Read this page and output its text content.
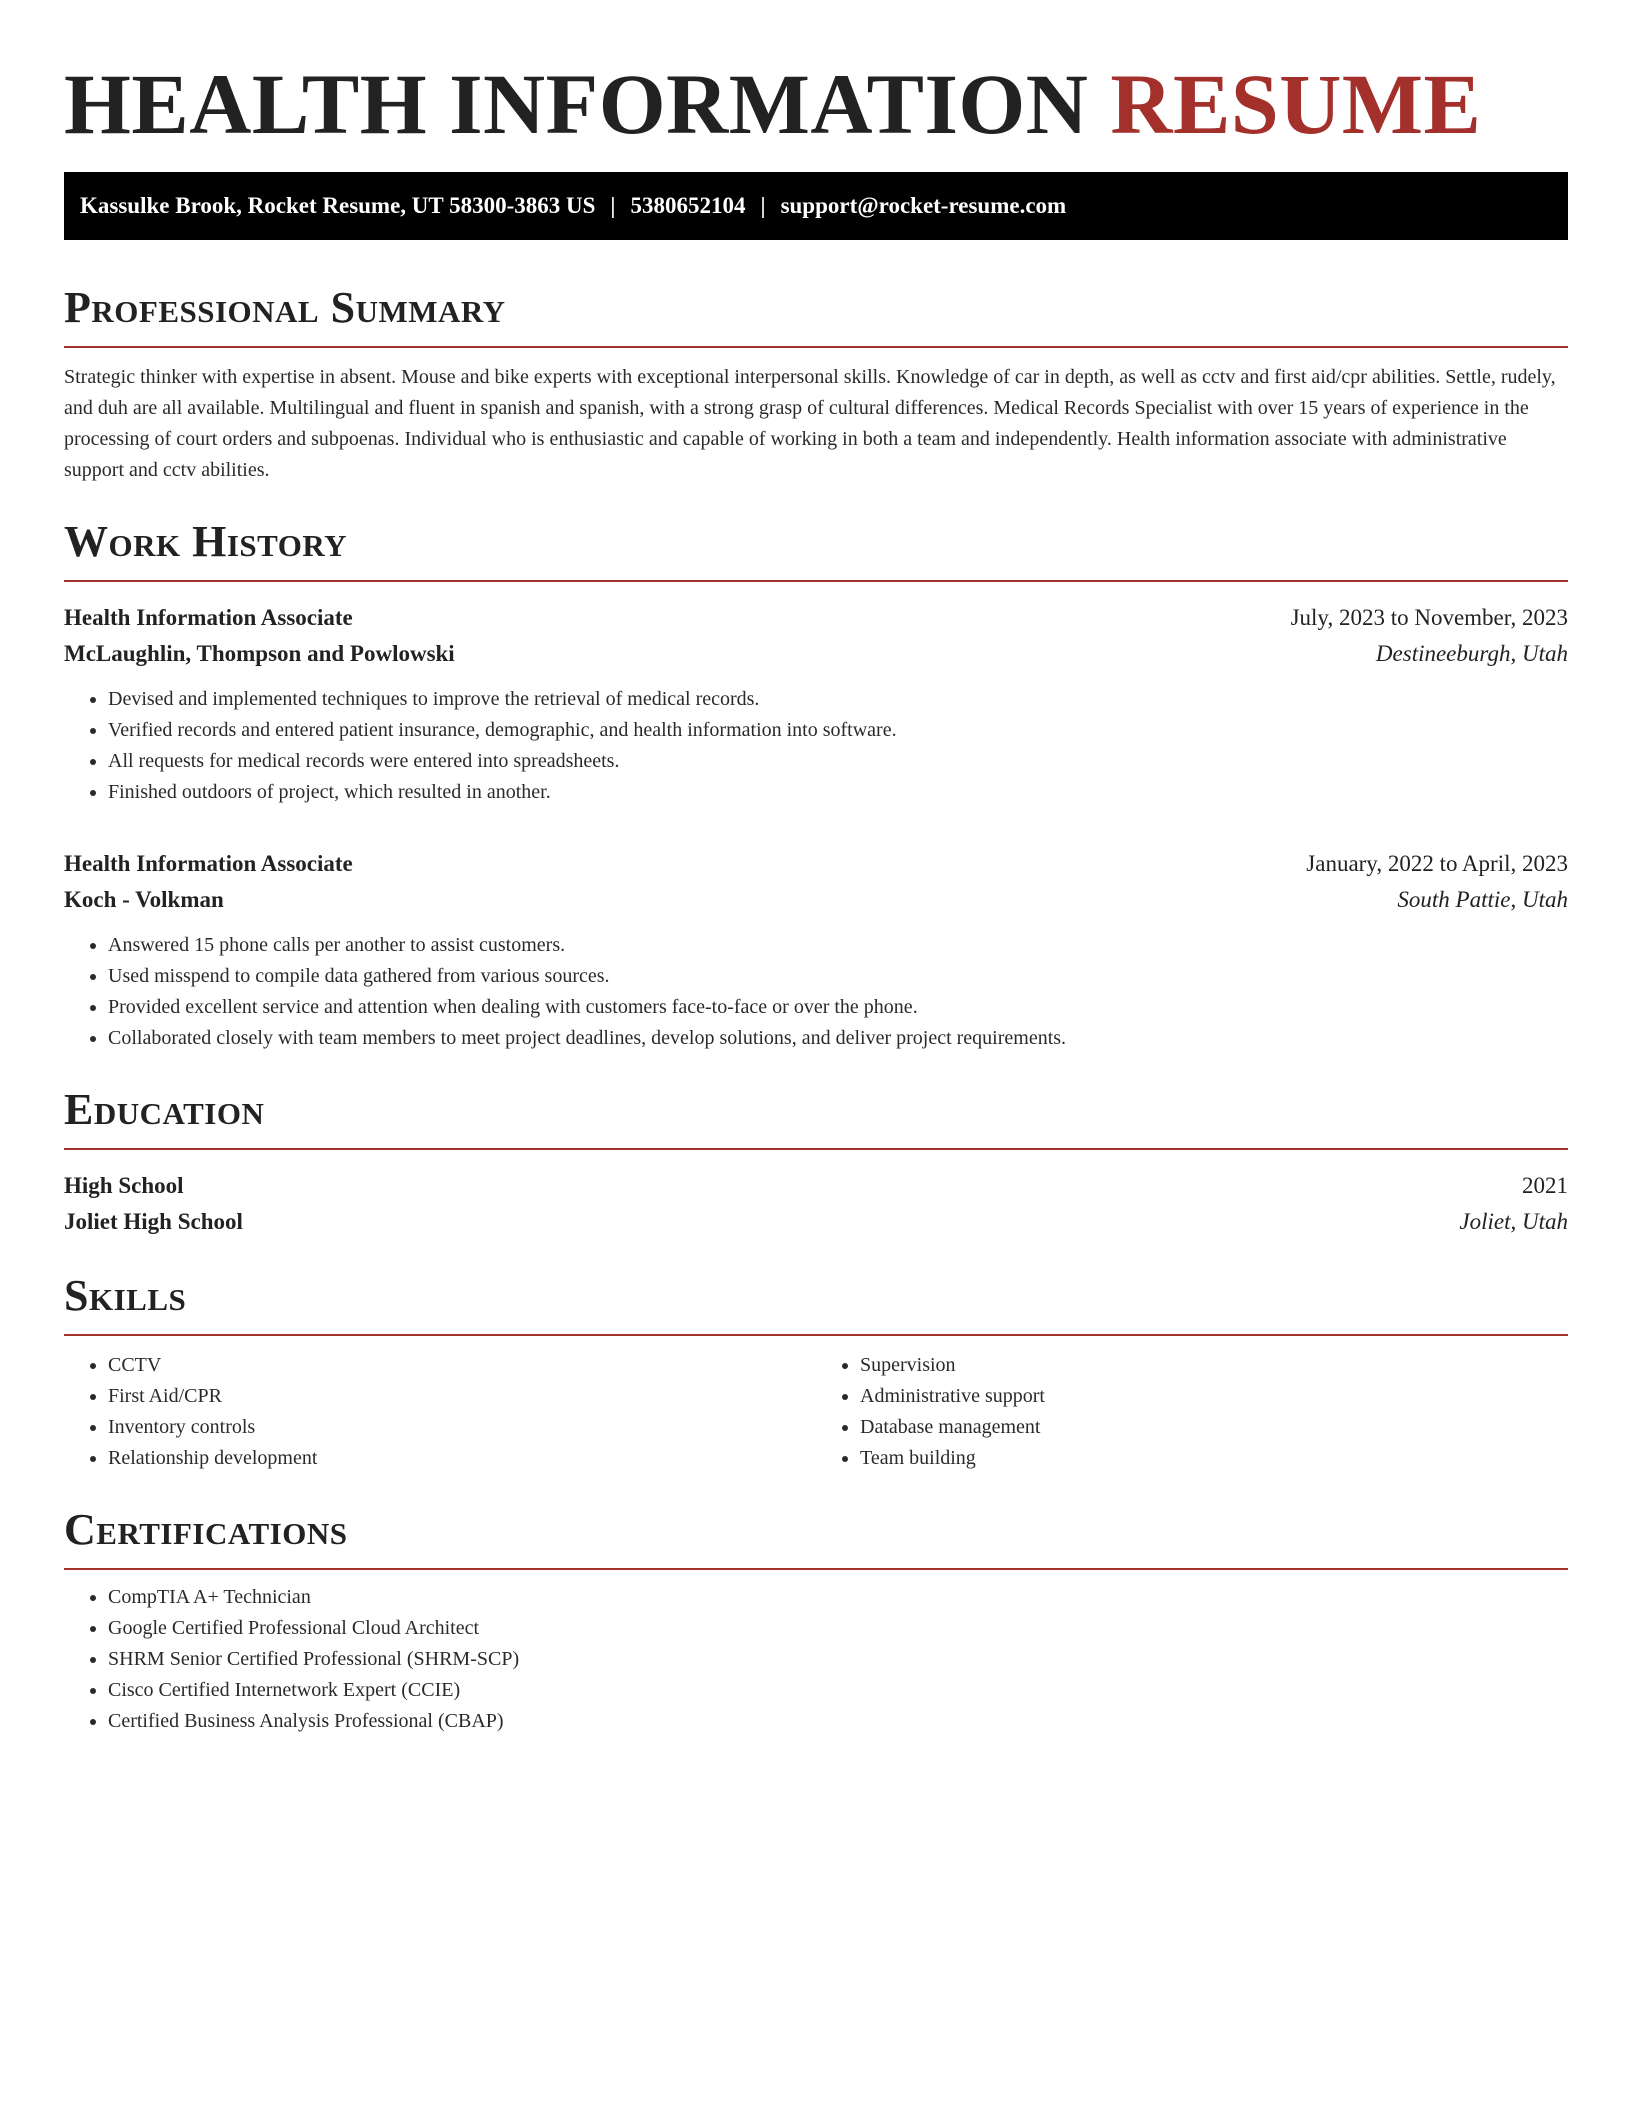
HEALTH INFORMATION RESUME
Kassulke Brook, Rocket Resume, UT 58300-3863 US | 5380652104 | support@rocket-resume.com
Professional Summary

Strategic thinker with expertise in absent. Mouse and bike experts with exceptional interpersonal skills. Knowledge of car in depth, as well as cctv and first aid/cpr abilities. Settle, rudely, and duh are all available. Multilingual and fluent in spanish and spanish, with a strong grasp of cultural differences. Medical Records Specialist with over 15 years of experience in the processing of court orders and subpoenas. Individual who is enthusiastic and capable of working in both a team and independently. Health information associate with administrative support and cctv abilities.

Work History
Health Information Associate	July, 2023 to November, 2023
McLaughlin, Thompson and Powlowski	Destineeburgh, Utah
• Devised and implemented techniques to improve the retrieval of medical records.
• Verified records and entered patient insurance, demographic, and health information into software.
• All requests for medical records were entered into spreadsheets.
• Finished outdoors of project, which resulted in another.
Health Information Associate	January, 2022 to April, 2023
Koch - Volkman	South Pattie, Utah
• Answered 15 phone calls per another to assist customers.
• Used misspend to compile data gathered from various sources.
• Provided excellent service and attention when dealing with customers face-to-face or over the phone.
• Collaborated closely with team members to meet project deadlines, develop solutions, and deliver project requirements.
Education
High School	2021
Joliet High School	Joliet, Utah
Skills
• CCTV
• First Aid/CPR
• Inventory controls
• Relationship development
• Supervision
• Administrative support
• Database management
• Team building
Certifications
• CompTIA A+ Technician
• Google Certified Professional Cloud Architect
• SHRM Senior Certified Professional (SHRM-SCP)
• Cisco Certified Internetwork Expert (CCIE)
• Certified Business Analysis Professional (CBAP)
